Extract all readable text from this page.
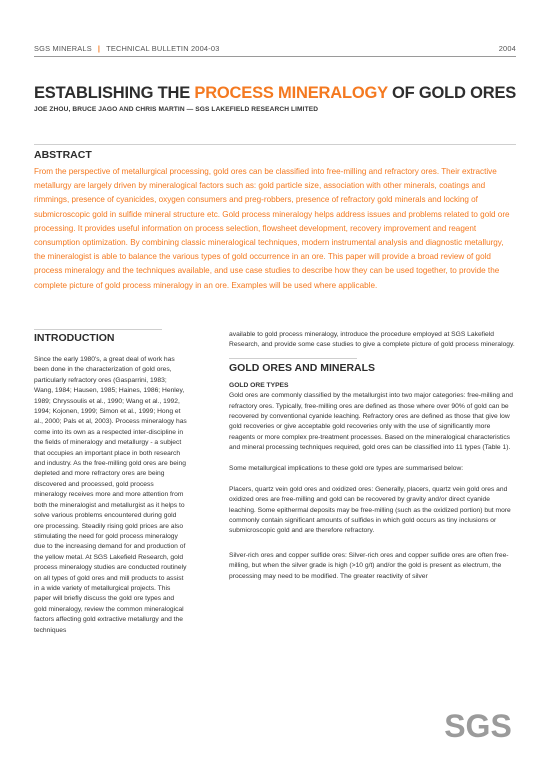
SGS MINERALS | TECHNICAL BULLETIN 2004-03	2004
ESTABLISHING THE PROCESS MINERALOGY OF GOLD ORES
JOE ZHOU, BRUCE JAGO AND CHRIS MARTIN — SGS LAKEFIELD RESEARCH LIMITED
ABSTRACT
From the perspective of metallurgical processing, gold ores can be classified into free-milling and refractory ores. Their extractive metallurgy are largely driven by mineralogical factors such as: gold particle size, association with other minerals, coatings and rimmings, presence of cyanicides, oxygen consumers and preg-robbers, presence of refractory gold minerals and locking of submicroscopic gold in sulfide mineral structure etc. Gold process mineralogy helps address issues and problems related to gold ore processing. It provides useful information on process selection, flowsheet development, recovery improvement and reagent consumption optimization. By combining classic mineralogical techniques, modern instrumental analysis and diagnostic metallurgy, the mineralogist is able to balance the various types of gold occurrence in an ore. This paper will provide a broad review of gold process mineralogy and the techniques available, and use case studies to describe how they can be used together, to provide the complete picture of gold process mineralogy in an ore. Examples will be used where applicable.
INTRODUCTION
Since the early 1980's, a great deal of work has been done in the characterization of gold ores, particularly refractory ores (Gasparrini, 1983; Wang, 1984; Hausen, 1985; Haines, 1986; Henley, 1989; Chryssoulis et al., 1990; Wang et al., 1992, 1994; Kojonen, 1999; Simon et al., 1999; Hong et al., 2000; Pals et al, 2003). Process mineralogy has come into its own as a respected inter-discipline in the fields of mineralogy and metallurgy - a subject that occupies an important place in both research and industry. As the free-milling gold ores are being depleted and more refractory ores are being discovered and processed, gold process mineralogy receives more and more attention from both the mineralogist and metallurgist as it helps to solve various problems encountered during gold ore processing. Steadily rising gold prices are also stimulating the need for gold process mineralogy due to the increasing demand for and production of the yellow metal. At SGS Lakefield Research, gold process mineralogy studies are conducted routinely on all types of gold ores and mill products to assist in a wide variety of metallurgical projects. This paper will briefly discuss the gold ore types and gold mineralogy, review the common mineralogical factors affecting gold extractive metallurgy and the techniques

available to gold process mineralogy, introduce the procedure employed at SGS Lakefield Research, and provide some case studies to give a complete picture of gold process mineralogy.

GOLD ORES AND MINERALS

GOLD ORE TYPES

Gold ores are commonly classified by the metallurgist into two major categories: free-milling and refractory ores. Typically, free-milling ores are defined as those where over 90% of gold can be recovered by conventional cyanide leaching. Refractory ores are defined as those that give low gold recoveries or give acceptable gold recoveries only with the use of significantly more reagents or more complex pre-treatment processes. Based on the mineralogical characteristics and mineral processing techniques required, gold ores can be classified into 11 types (Table 1).

Some metallurgical implications to these gold ore types are summarised below:

Placers, quartz vein gold ores and oxidized ores: Generally, placers, quartz vein gold ores and oxidized ores are free-milling and gold can be recovered by gravity and/or direct cyanide leaching. Some epithermal deposits may be free-milling (such as the oxidized portion) but more commonly contain significant amounts of sulfides in which gold occurs as tiny inclusions or submicroscopic gold and are therefore refractory.

Silver-rich ores and copper sulfide ores: Silver-rich ores and copper sulfide ores are often free-milling, but when the silver grade is high (>10 g/t) and/or the gold is present as electrum, the processing may need to be modified. The greater reactivity of silver

SGS
